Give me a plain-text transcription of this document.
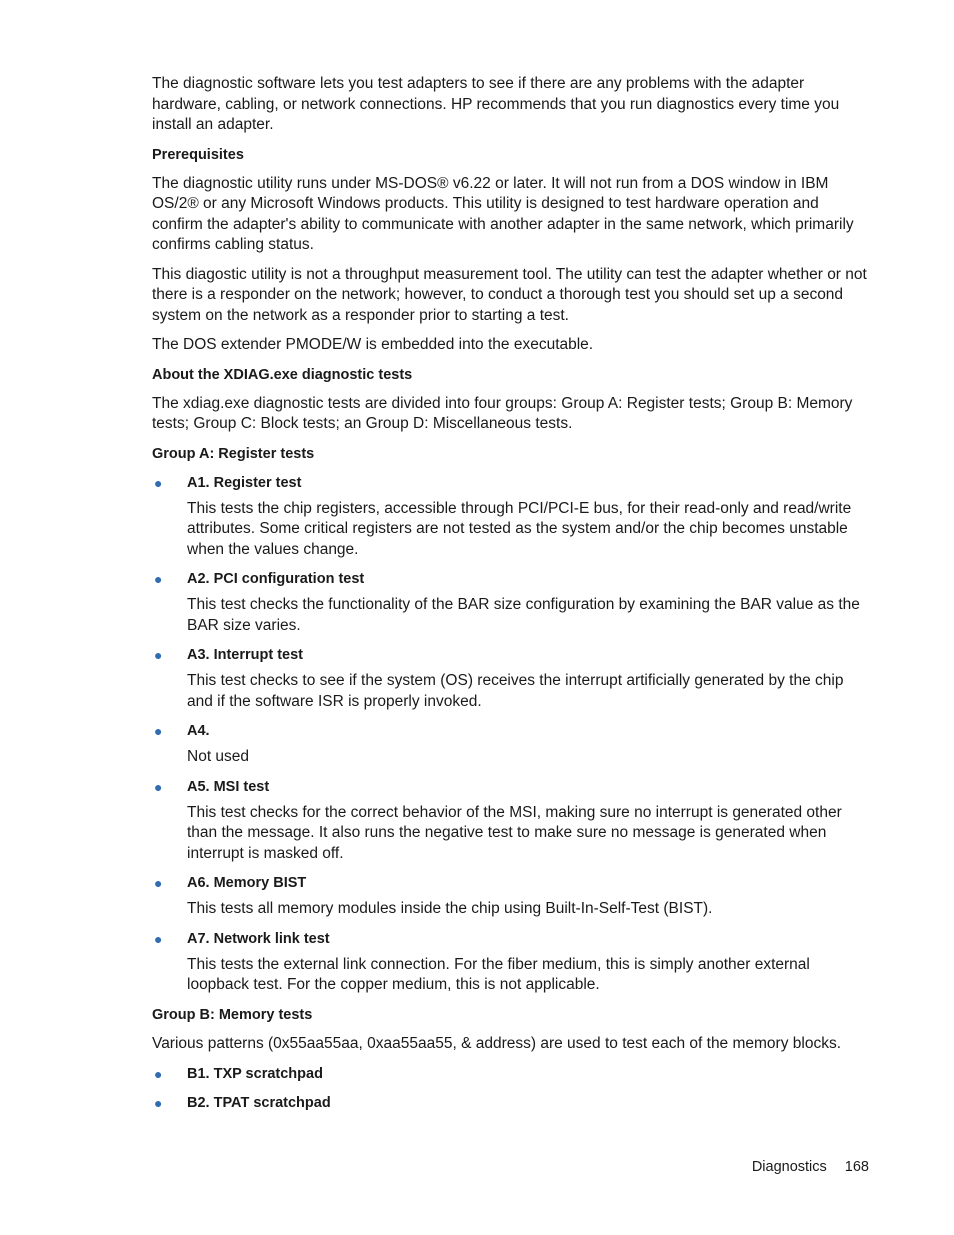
The diagnostic software lets you test adapters to see if there are any problems with the adapter hardware, cabling, or network connections. HP recommends that you run diagnostics every time you install an adapter.

Prerequisites

The diagnostic utility runs under MS-DOS® v6.22 or later. It will not run from a DOS window in IBM OS/2® or any Microsoft Windows products. This utility is designed to test hardware operation and confirm the adapter's ability to communicate with another adapter in the same network, which primarily confirms cabling status.

This diagostic utility is not a throughput measurement tool. The utility can test the adapter whether or not there is a responder on the network; however, to conduct a thorough test you should set up a second system on the network as a responder prior to starting a test.

The DOS extender PMODE/W is embedded into the executable.

About the XDIAG.exe diagnostic tests

The xdiag.exe diagnostic tests are divided into four groups: Group A: Register tests; Group B: Memory tests; Group C: Block tests; an Group D: Miscellaneous tests.

Group A: Register tests

● A1. Register test

This tests the chip registers, accessible through PCI/PCI-E bus, for their read-only and read/write attributes. Some critical registers are not tested as the system and/or the chip becomes unstable when the values change.

● A2. PCI configuration test

This test checks the functionality of the BAR size configuration by examining the BAR value as the BAR size varies.

● A3. Interrupt test

This test checks to see if the system (OS) receives the interrupt artificially generated by the chip and if the software ISR is properly invoked.

● A4.

Not used

● A5. MSI test

This test checks for the correct behavior of the MSI, making sure no interrupt is generated other than the message. It also runs the negative test to make sure no message is generated when interrupt is masked off.

● A6. Memory BIST

This tests all memory modules inside the chip using Built-In-Self-Test (BIST).

● A7. Network link test

This tests the external link connection. For the fiber medium, this is simply another external loopback test. For the copper medium, this is not applicable.

Group B: Memory tests

Various patterns (0x55aa55aa, 0xaa55aa55, & address) are used to test each of the memory blocks.

● B1. TXP scratchpad

● B2. TPAT scratchpad

Diagnostics 168
